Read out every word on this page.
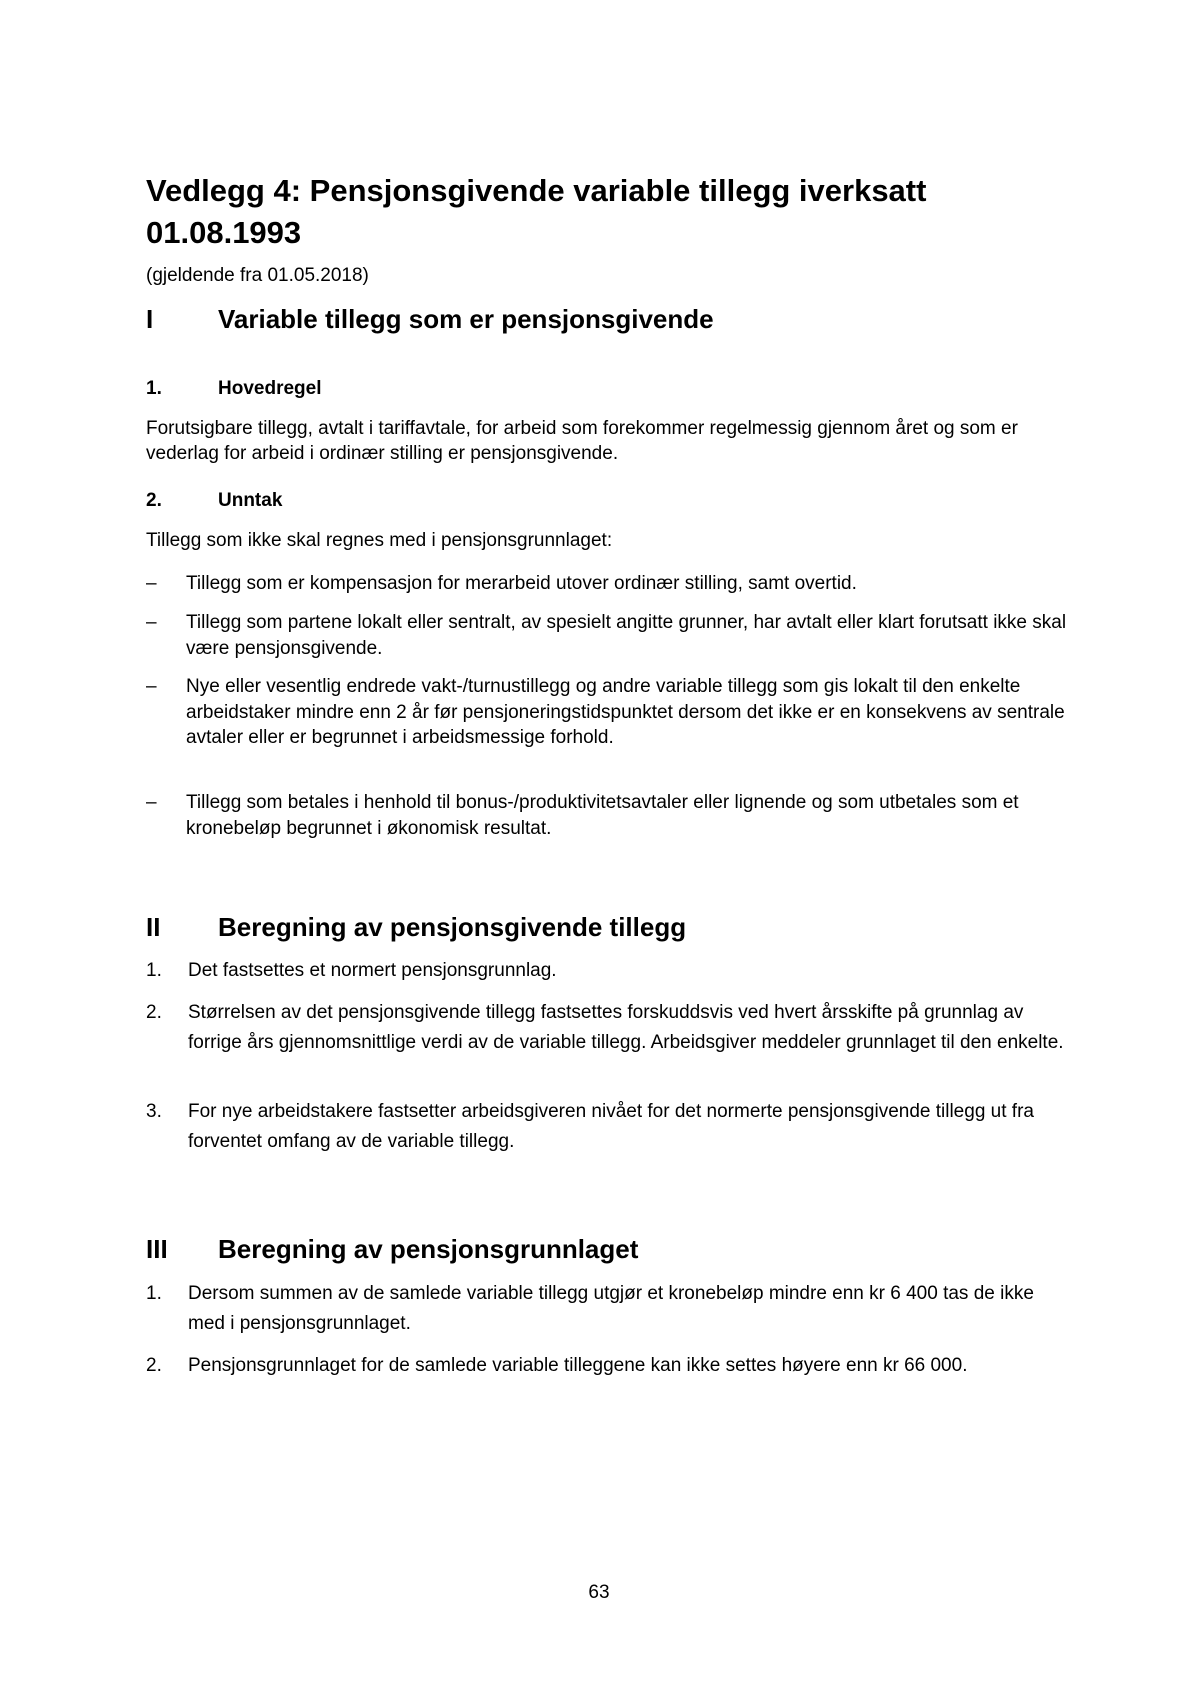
Vedlegg 4: Pensjonsgivende variable tillegg iverksatt 01.08.1993
(gjeldende fra 01.05.2018)
I Variable tillegg som er pensjonsgivende
1.	Hovedregel

Forutsigbare tillegg, avtalt i tariffavtale, for arbeid som forekommer regelmessig gjennom året og som er vederlag for arbeid i ordinær stilling er pensjonsgivende.

2.	Unntak

Tillegg som ikke skal regnes med i pensjonsgrunnlaget:

– Tillegg som er kompensasjon for merarbeid utover ordinær stilling, samt overtid.
– Tillegg som partene lokalt eller sentralt, av spesielt angitte grunner, har avtalt eller klart forutsatt ikke skal være pensjonsgivende.
– Nye eller vesentlig endrede vakt-/turnustillegg og andre variable tillegg som gis lokalt til den enkelte arbeidstaker mindre enn 2 år før pensjoneringstidspunktet dersom det ikke er en konsekvens av sentrale avtaler eller er begrunnet i arbeidsmessige forhold.
– Tillegg som betales i henhold til bonus-/produktivitetsavtaler eller lignende og som utbetales som et kronebeløp begrunnet i økonomisk resultat.
II Beregning av pensjonsgivende tillegg
1. Det fastsettes et normert pensjonsgrunnlag.
2. Størrelsen av det pensjonsgivende tillegg fastsettes forskuddsvis ved hvert årsskifte på grunnlag av forrige års gjennomsnittlige verdi av de variable tillegg. Arbeidsgiver meddeler grunnlaget til den enkelte.
3. For nye arbeidstakere fastsetter arbeidsgiveren nivået for det normerte pensjonsgivende tillegg ut fra forventet omfang av de variable tillegg.
III Beregning av pensjonsgrunnlaget
1. Dersom summen av de samlede variable tillegg utgjør et kronebeløp mindre enn kr 6 400 tas de ikke med i pensjonsgrunnlaget.
2. Pensjonsgrunnlaget for de samlede variable tilleggene kan ikke settes høyere enn kr 66 000.
63
